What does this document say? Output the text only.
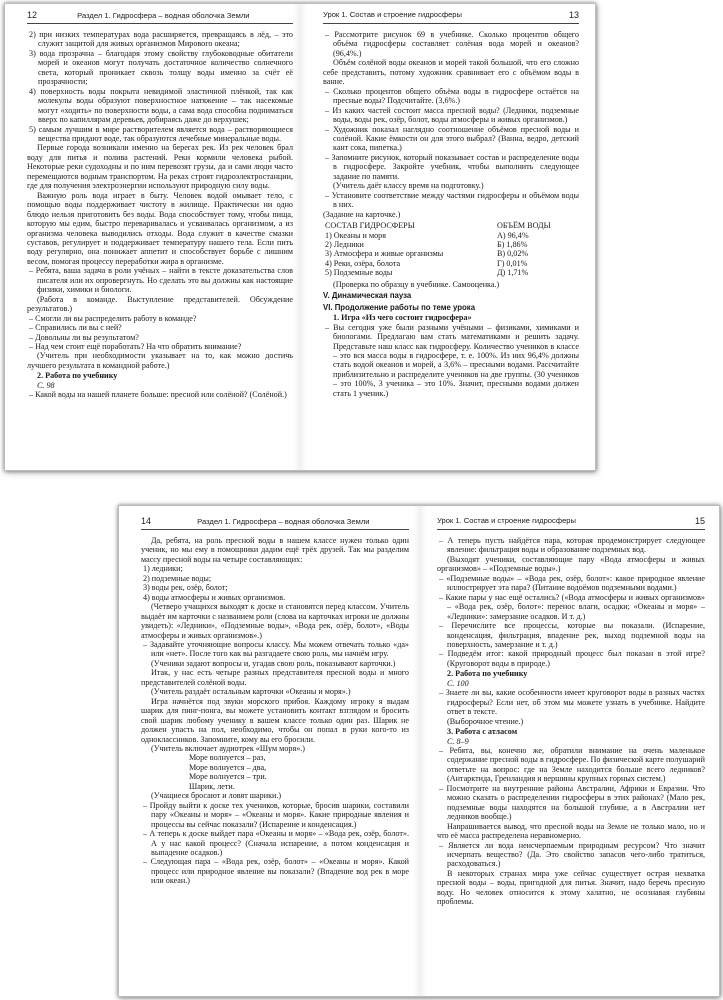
12	Раздел 1. Гидросфера – водная оболочка Земли	Урок 1. Состав и строение гидросферы	13

2) при низких температурах вода расширяется, превращаясь в лёд, – это служит защитой для живых организмов Мирового океана;

3) вода прозрачна – благодаря этому свойству глубоководные обитатели морей и океанов могут получать достаточное количество солнечного света, который проникает сквозь толщу воды именно за счёт её прозрачности;

4) поверхность воды покрыта невидимой эластичной плёнкой, так как молекулы воды образуют поверхностное натяжение – так насекомые могут «ходить» по поверхности воды, а сама вода способна подниматься вверх по капиллярам деревьев, добираясь даже до верхушек;

5) самым лучшим в мире растворителем является вода – растворяющиеся вещества придают воде, так образуются лечебные минеральные воды.

Первые города возникали именно на берегах рек. Из рек человек брал воду для питья и полива растений. Реки кормили человека рыбой. Некоторые реки судоходны и по ним перевозят грузы, да и сами люди часто перемещаются водным транспортом. На реках строят гидроэлектростанции, где для получения электроэнергии используют природную силу воды.

Важную роль вода играет в быту. Человек водой омывает тело, с помощью воды поддерживает чистоту в жилище. Практически ни одно блюдо нельзя приготовить без воды. Вода способствует тому, чтобы пища, которую мы едим, быстро переваривалась и усваивалась организмом, а из организма человека выводились отходы. Вода служит в качестве смазки суставов, регулирует и поддерживает температуру нашего тела. Если пить воду регулярно, она понижает аппетит и способствует борьбе с лишним весом, помогая процессу переработки жира в организме.

– Ребята, ваша задача в роли учёных – найти в тексте доказательства слов писателя или их опровергнуть. Но сделать это вы должны как настоящие физики, химики и биологи.

(Работа в команде. Выступление представителей. Обсуждение результатов.)

– Смогли ли вы распределить работу в команде?

– Справились ли вы с ней?

– Довольны ли вы результатом?

– Над чем стоит ещё поработать? На что обратить внимание?

(Учитель при необходимости указывает на то, как можно достичь лучшего результата в командной работе.)

2. Работа по учебнику

С. 98

– Какой воды на нашей планете больше: пресной или солёной? (Солёной.)

– Рассмотрите рисунок 69 в учебнике. Сколько процентов общего объёма гидросферы составляет солёная вода морей и океанов? (96,4%.)

Объём солёной воды океанов и морей такой большой, что его сложно себе представить, потому художник сравнивает его с объёмом воды в ванне.

– Сколько процентов общего объёма воды в гидросфере остаётся на пресные воды? Подсчитайте. (3,6%.)

– Из каких частей состоит масса пресной воды? (Ледники, подземные воды, воды рек, озёр, болот, воды атмосферы и живых организмов.)

– Художник показал наглядно соотношение объёмов пресной воды и солёной. Какие ёмкости он для этого выбрал? (Ванна, ведро, детский кант сока, пипетка.)

– Запомните рисунок, который показывает состав и распределение воды в гидросфере. Закройте учебник, чтобы выполнить следующее задание по памяти.

(Учитель даёт классу время на подготовку.)

– Установите соответствие между частями гидросферы и объёмом воды в них.

(Задание на карточке.)

СОСТАВ ГИДРОСФЕРЫ	ОБЪЁМ ВОДЫ
1) Океаны и моря	А) 96,4%
2) Ледники	Б) 1,86%
3) Атмосфера и живые организмы	В) 0,02%
4) Реки, озёра, болота	Г) 0,01%
5) Подземные воды	Д) 1,71%

(Проверка по образцу в учебнике. Самооценка.)

V. Динамическая пауза

VI. Продолжение работы по теме урока

1. Игра «Из чего состоит гидросфера»

– Вы сегодня уже были разными учёными – физиками, химиками и биологами. Предлагаю вам стать математиками и решить задачу. Представьте наш класс как гидросферу. Количество учеников в классе – это вся масса воды в гидросфере, т. е. 100%. Из них 96,4% должны стать водой океанов и морей, а 3,6% – пресными водами. Рассчитайте приблизительно и распределите учеников на две группы. (30 учеников – это 100%, 3 ученика – это 10%. Значит, пресными водами должен стать 1 ученик.)

14	Раздел 1. Гидросфера – водная оболочка Земли	Урок 1. Состав и строение гидросферы	15

Да, ребята, на роль пресной воды в нашем классе нужен только один ученик, но мы ему в помощники дадим ещё трёх друзей. Так мы разделим массу пресной воды на четыре составляющих:

1) ледники;

2) подземные воды;

3) воды рек, озёр, болот;

4) воды атмосферы и живых организмов.

(Четверо учащихся выходят к доске и становятся перед классом. Учитель выдаёт им карточки с названием роли (слова на карточках игроки не должны увидеть): «Ледники», «Подземные воды», «Вода рек, озёр, болот», «Воды атмосферы и живых организмов».)

– Задавайте уточняющие вопросы классу. Мы можем отвечать только «да» или «нет». После того как вы разгадаете свою роль, мы начнём игру.

(Ученики задают вопросы и, угадав свою роль, показывают карточки.)

Итак, у нас есть четыре разных представителя пресной воды и много представителей солёной воды.

(Учитель раздаёт остальным карточки «Океаны и моря».)

Игра начнётся под звуки морского прибоя. Каждому игроку я выдам шарик для пинг-понга, вы можете установить контакт взглядом и бросить свой шарик любому ученику в вашем классе только один раз. Шарик не должен упасть на пол, необходимо, чтобы он попал в руки кого-то из одноклассников. Запомните, кому вы его бросили.

(Учитель включает аудиотрек «Шум моря».)

Море волнуется – раз,

Море волнуется – два,

Море волнуется – три.

Шарик, лети.

(Учащиеся бросают и ловят шарики.)

– Пройду выйти к доске тех учеников, которые, бросив шарики, составили пару «Океаны и моря» – «Океаны и моря». Какие природные явления и процессы вы сейчас показали? (Испарение и конденсация.)

– А теперь к доске выйдет пара «Океаны и моря» – «Вода рек, озёр, болот». А у нас какой процесс? (Сначала испарение, а потом конденсация и выпадение осадков.)

– Следующая пара – «Вода рек, озёр, болот» – «Океаны и моря». Какой процесс или природное явление вы показали? (Впадение вод рек в море или океан.)

– А теперь пусть найдётся пара, которая продемонстрирует следующее явление: фильтрация воды и образование подземных вод.

(Выходят ученики, составляющие пару «Вода атмосферы и живых организмов» – «Подземные воды».)

– «Подземные воды» – «Вода рек, озёр, болот»: какое природное явление иллюстрирует эта пара? (Питание водоёмов подземными водами.)

– Какие пары у нас ещё остались? («Вода атмосферы и живых организмов» – «Вода рек, озёр, болот»: перенос влаги, осадки; «Океаны и моря» – «Ледники»: замерзание осадков. И т. д.)

– Перечислите все процессы, которые вы показали. (Испарение, конденсация, фильтрация, впадение рек, выход подземной воды на поверхность, замерзание и т. д.)

– Подведём итог: какой природный процесс был показан в этой игре? (Круговорот воды в природе.)

2. Работа по учебнику

С. 100

– Знаете ли вы, какие особенности имеет круговорот воды в разных частях гидросферы? Если нет, об этом мы можете узнать в учебнике. Найдите ответ в тексте.

(Выборочное чтение.)

3. Работа с атласом

С. 8–9

– Ребята, вы, конечно же, обратили внимание на очень маленькое содержание пресной воды в гидросфере. По физической карте полушарий ответьте на вопрос: где на Земле находится больше всего ледников? (Антарктида, Гренландия и вершины крупных горных систем.)

– Посмотрите на внутренние районы Австралии, Африки и Евразии. Что можно сказать о распределении гидросферы в этих районах? (Мало рек, подземные воды находятся на большой глубине, а в Австралии нет ледников вообще.)

Напрашивается вывод, что пресной воды на Земле не только мало, но и что её масса распределена неравномерно.

– Является ли вода неисчерпаемым природным ресурсом? Что значит исчерпать вещество? (Да. Это свойство запасов чего-либо тратиться, расходоваться.)

В некоторых странах мира уже сейчас существует острая нехватка пресной воды – воды, пригодной для питья. Значит, надо беречь пресную воду. Но человек относится к этому халатно, не осознавая глубины проблемы.
